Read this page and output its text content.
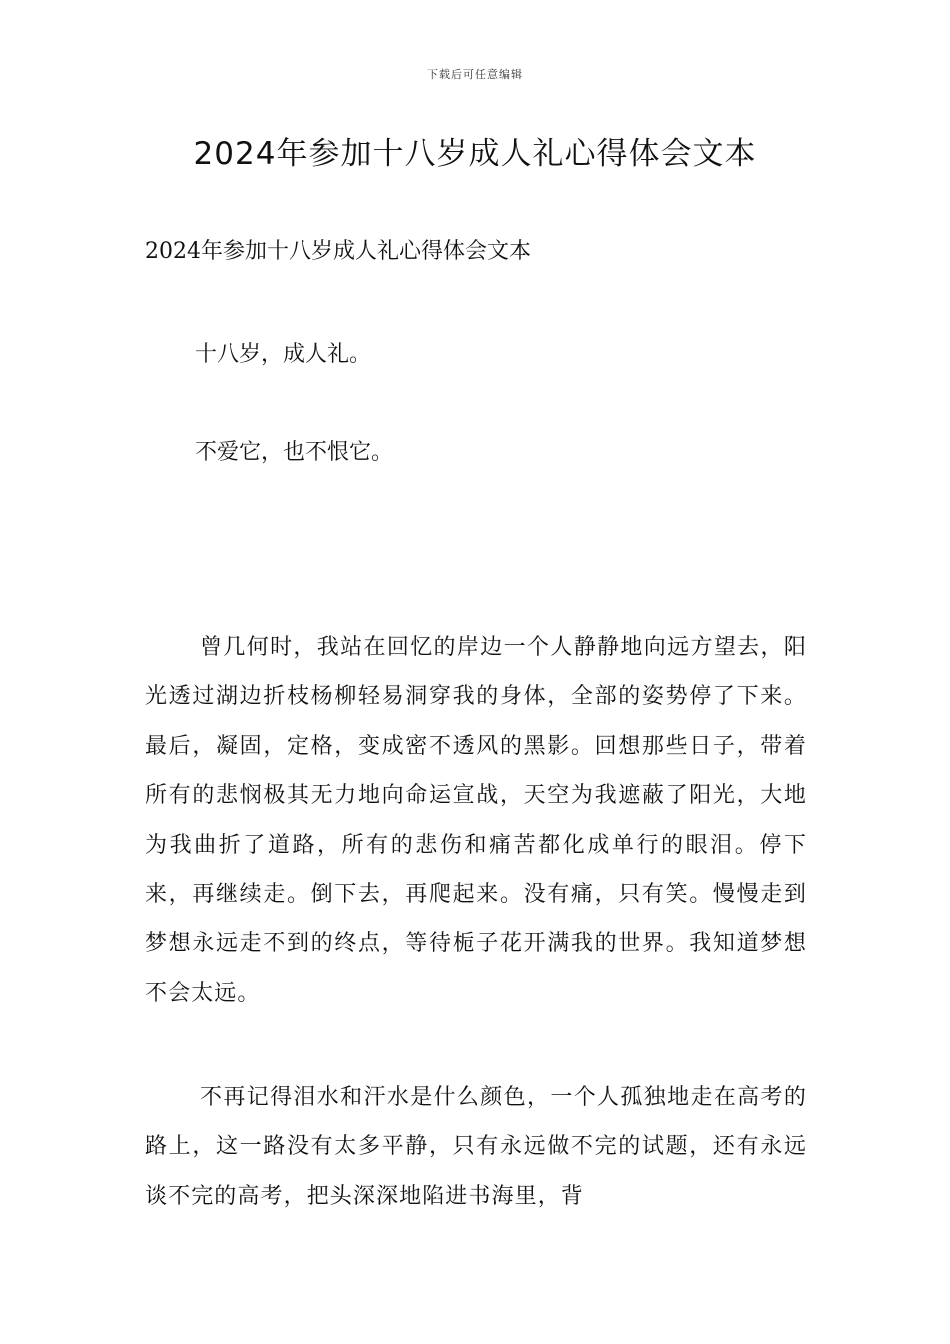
下载后可任意编辑
2024年参加十八岁成人礼心得体会文本

2024年参加十八岁成人礼心得体会文本

十八岁，成人礼。

不爱它，也不恨它。

曾几何时，我站在回忆的岸边一个人静静地向远方望去，阳光透过湖边折枝杨柳轻易洞穿我的身体，全部的姿势停了下来。最后，凝固，定格，变成密不透风的黑影。回想那些日子，带着所有的悲悯极其无力地向命运宣战，天空为我遮蔽了阳光，大地为我曲折了道路，所有的悲伤和痛苦都化成单行的眼泪。停下来，再继续走。倒下去，再爬起来。没有痛，只有笑。慢慢走到梦想永远走不到的终点，等待栀子花开满我的世界。我知道梦想不会太远。

不再记得泪水和汗水是什么颜色，一个人孤独地走在高考的路上，这一路没有太多平静，只有永远做不完的试题，还有永远谈不完的高考，把头深深地陷进书海里，背
